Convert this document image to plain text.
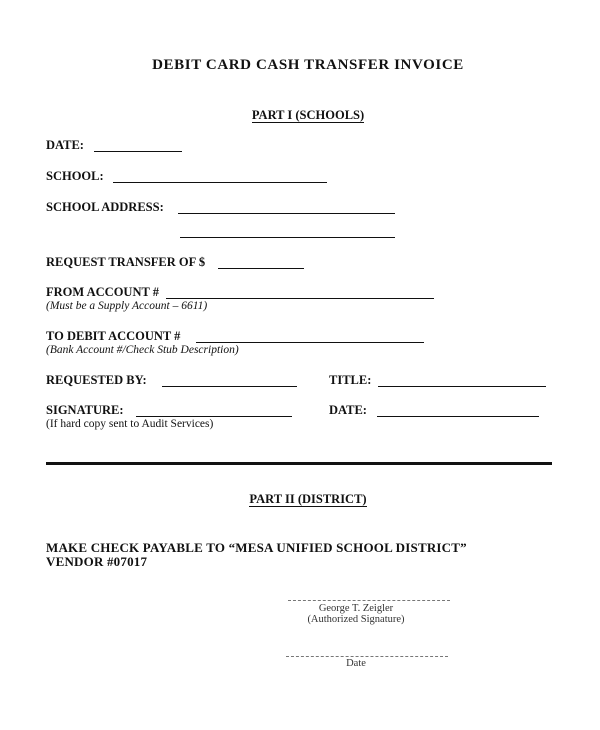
DEBIT CARD CASH TRANSFER INVOICE
PART I (SCHOOLS)
DATE:
SCHOOL:
SCHOOL ADDRESS:
REQUEST TRANSFER OF $
FROM ACCOUNT #
(Must be a Supply Account – 6611)
TO DEBIT ACCOUNT #
(Bank Account #/Check Stub Description)
REQUESTED BY:	TITLE:
SIGNATURE:	DATE:
(If hard copy sent to Audit Services)
PART II (DISTRICT)
MAKE CHECK PAYABLE TO “MESA UNIFIED SCHOOL DISTRICT”
VENDOR #07017
George T. Zeigler
(Authorized Signature)
Date
